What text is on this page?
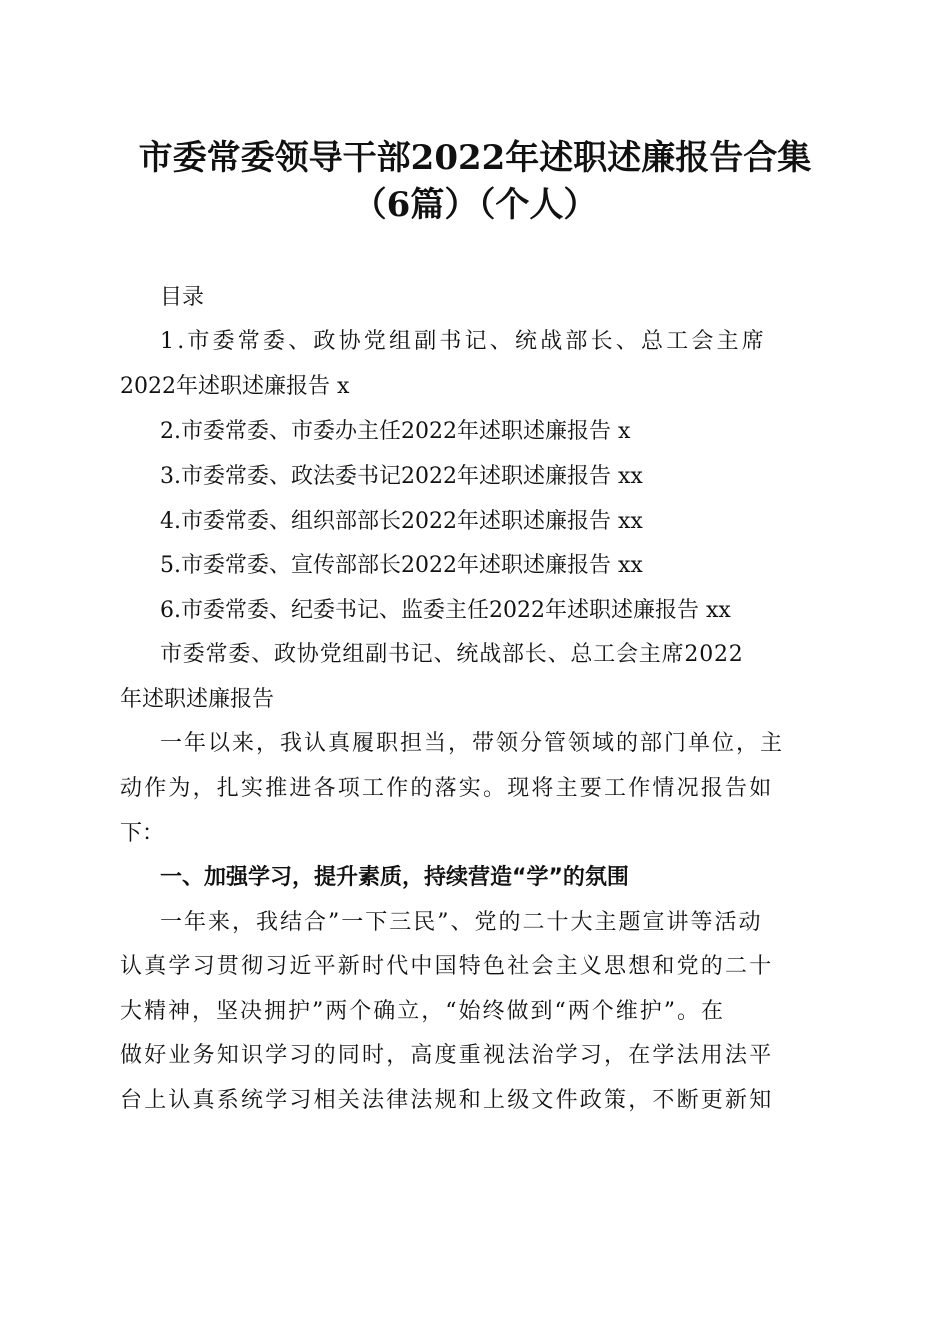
市委常委领导干部2022年述职述廉报告合集
（6篇）（个人）
目录
1.市委常委、政协党组副书记、统战部长、总工会主席
2022年述职述廉报告 x
2.市委常委、市委办主任2022年述职述廉报告 x
3.市委常委、政法委书记2022年述职述廉报告 xx
4.市委常委、组织部部长2022年述职述廉报告 xx
5.市委常委、宣传部部长2022年述职述廉报告 xx
6.市委常委、纪委书记、监委主任2022年述职述廉报告 xx
市委常委、政协党组副书记、统战部长、总工会主席2022
年述职述廉报告
一年以来，我认真履职担当，带领分管领域的部门单位，主
动作为，扎实推进各项工作的落实。现将主要工作情况报告如
下：
一、加强学习，提升素质，持续营造“学”的氛围
一年来，我结合”一下三民”、党的二十大主题宣讲等活动
认真学习贯彻习近平新时代中国特色社会主义思想和党的二十
大精神，坚决拥护”两个确立，“始终做到“两个维护”。在
做好业务知识学习的同时，高度重视法治学习，在学法用法平
台上认真系统学习相关法律法规和上级文件政策，不断更新知
